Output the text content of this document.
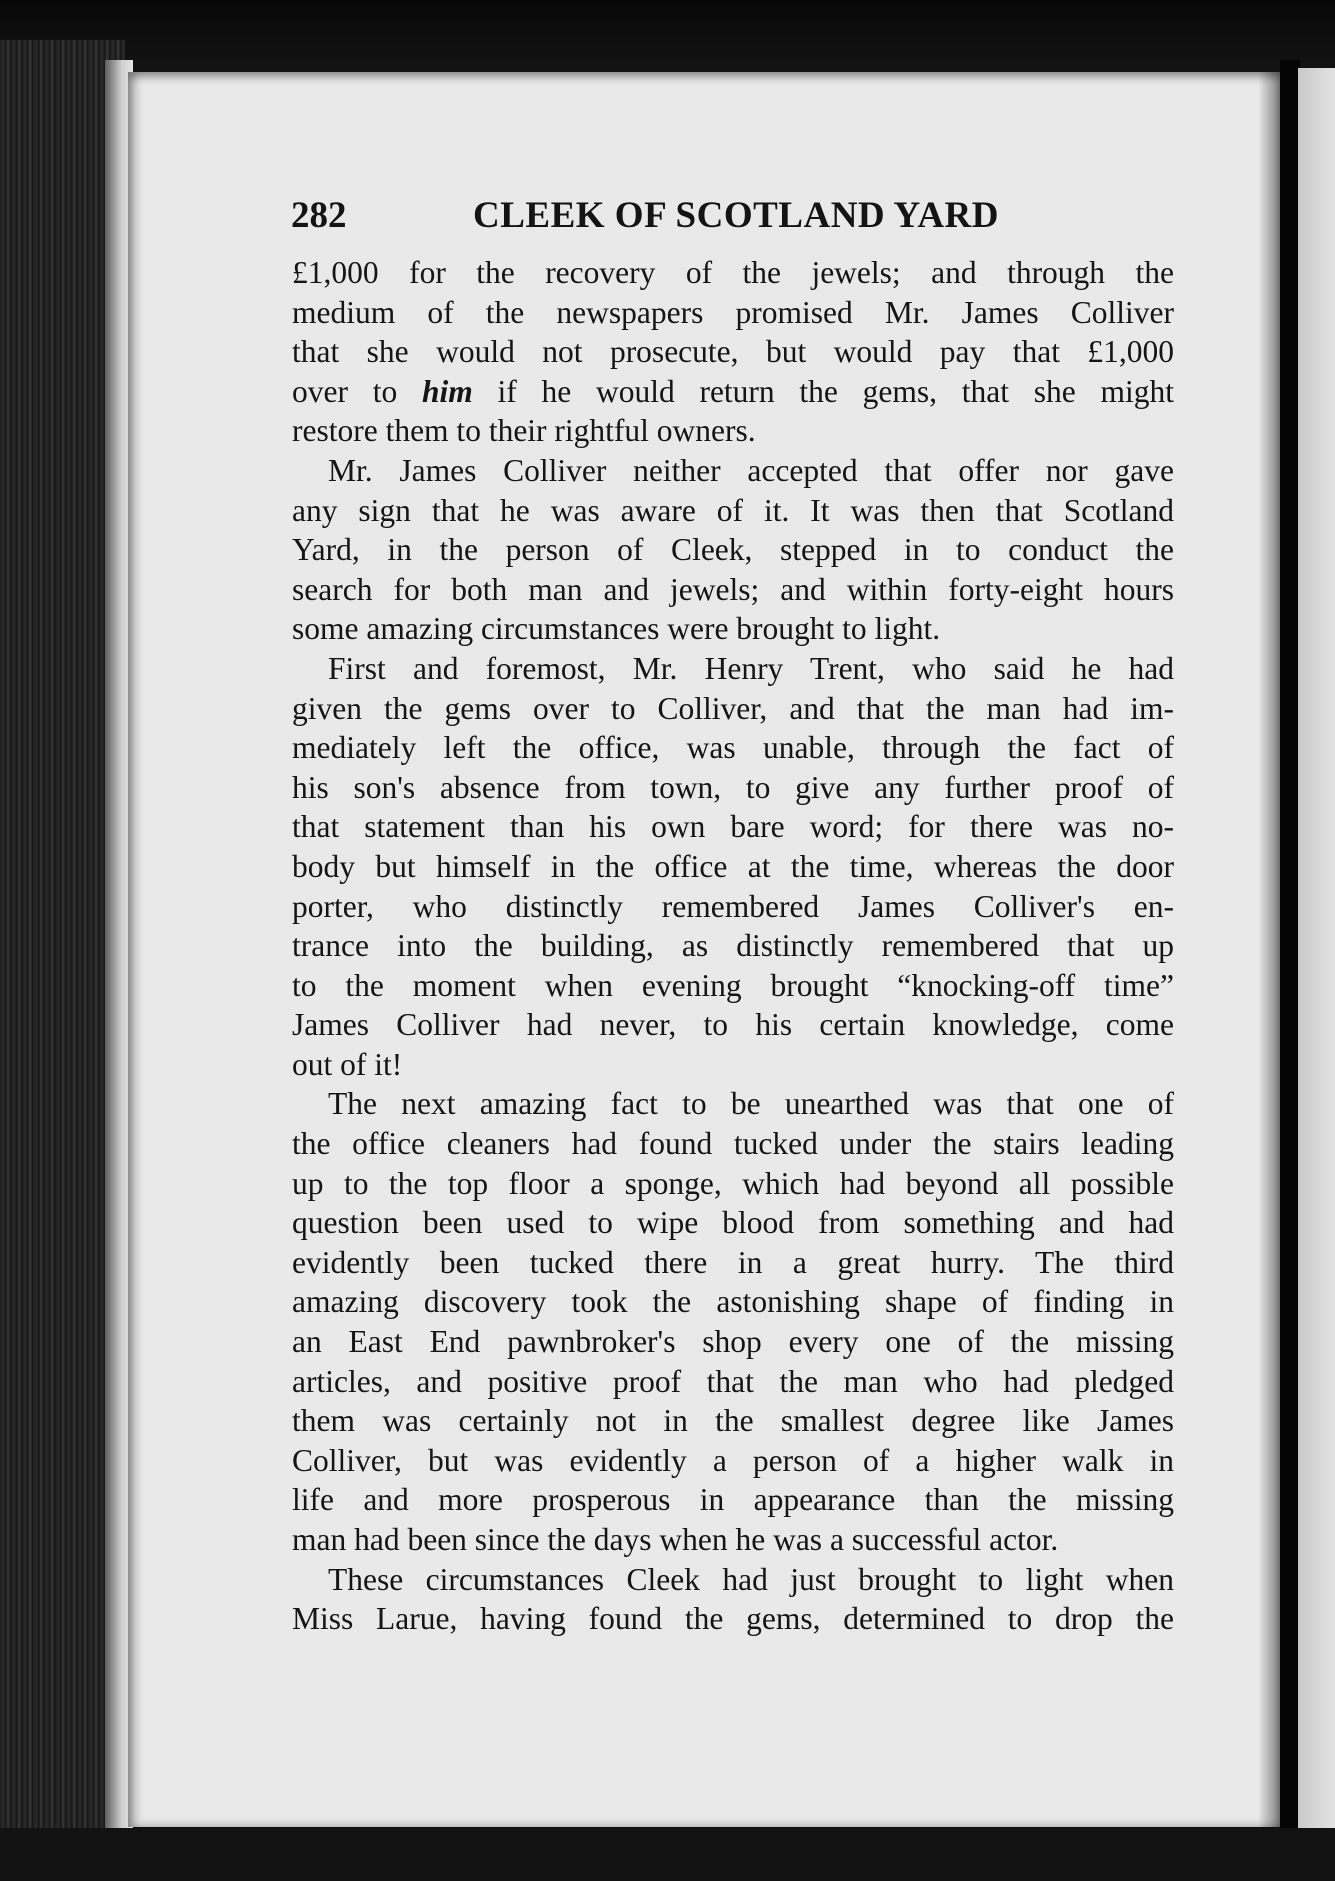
282	CLEEK OF SCOTLAND YARD
£1,000 for the recovery of the jewels; and through the
medium of the newspapers promised Mr. James Colliver
that she would not prosecute, but would pay that £1,000
over to him if he would return the gems, that she might
restore them to their rightful owners.
Mr. James Colliver neither accepted that offer nor gave
any sign that he was aware of it. It was then that Scotland
Yard, in the person of Cleek, stepped in to conduct the
search for both man and jewels; and within forty-eight hours
some amazing circumstances were brought to light.
First and foremost, Mr. Henry Trent, who said he had
given the gems over to Colliver, and that the man had im-
mediately left the office, was unable, through the fact of
his son's absence from town, to give any further proof of
that statement than his own bare word; for there was no-
body but himself in the office at the time, whereas the door
porter, who distinctly remembered James Colliver's en-
trance into the building, as distinctly remembered that up
to the moment when evening brought “knocking-off time”
James Colliver had never, to his certain knowledge, come
out of it!
The next amazing fact to be unearthed was that one of
the office cleaners had found tucked under the stairs leading
up to the top floor a sponge, which had beyond all possible
question been used to wipe blood from something and had
evidently been tucked there in a great hurry. The third
amazing discovery took the astonishing shape of finding in
an East End pawnbroker's shop every one of the missing
articles, and positive proof that the man who had pledged
them was certainly not in the smallest degree like James
Colliver, but was evidently a person of a higher walk in
life and more prosperous in appearance than the missing
man had been since the days when he was a successful actor.
These circumstances Cleek had just brought to light when
Miss Larue, having found the gems, determined to drop the
